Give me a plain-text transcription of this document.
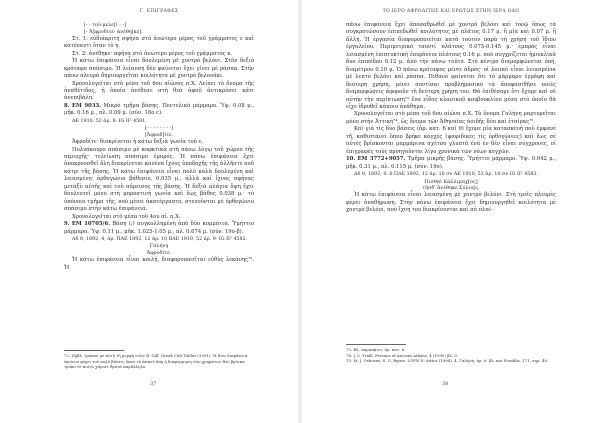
Γ. ΕΠΙΓΡΑΦΕΣ

[- - τοῦ·μελε[ῖ - -]

[- Ἀ]φροδίτε· ἀνέθη[κε].

Στ. 1: εὐδιάκριτη σφήνα στὸ ἀνώτερο μέρος τοῦ γράμματος ε καὶ κατέναντι ὅταν τὸ η.

Στ. 2: ἀνέθηκε· σφήνα στὸ ἀνώτερο μέρος τοῦ γράμματος κ.

Ἡ κάτω ἐπιφάνεια εἶναι δουλεμένη μὲ χοντρὸ βελόνι. Στὸν δεξιὸ κρόταφο σπάσιμο. Ἡ λείανση δὲν φαίνεται ἔχει γίνει μὲ ράσπα. Στὴν πάνω πλευρὰ δημιουργεῖται κοιλότητα μὲ χοντρὸ βελονάκι.

Χρονολογεῖται στὸ μέσο τοῦ 6ου αἰώνος π.Χ. Λείπει τὸ ὄνομα τῆς ἀναθέτιδος, ἡ ὁποία ἀνέθεσε στὴ θεὰ ἀφοῦ ἀντικρύσει κάτι ἀνεπιβάλη.

8. ΕΜ 9033. Μικρὸ τμῆμα βάσης. Πεντελικὸ μάρμαρο. Ὑψ. 0.08 μ., μῆκ. 0.16 μ., πλ. 0.09 μ. (σύν. 18ο c).

ΑΕ 1910, 52 ἀρ. 8· IG II² 4581.

[- - - - - - - -]

[Ἀφροδ]ῖτε.

Ἀφροδίτε· διακρίνεται ἡ κάτω δεξιὰ γωνία τοῦ ε.

Πολυάκουρο σπάσιμο μὲ κοφκτικὰ στὴ πάνω λόγῳ τοῦ χώρου τῆς περιοχῆς· τελείωση σπάσιμο ἐμπρός. Ἡ πάνω ἐπιφάνεια ἔχει ἀποκρουσθεῖ ὅλη διακρίνεται κανένα ἴχνος ὑποδοχῆς τῆς ἀλλῆστε ποῦ κάτρι τῆς βάσης. Ἡ κάτω ἐπιφάνεια εἶναι πολὺ καλὰ δουλεμένη καὶ λειασμένη· ὀρθογώνιο βάθεσιο, 0.035 μ., ἀλλὰ καὶ ἴχνος σφήνας μεταξὺ αὐτῆς καὶ τοῦ πάρεισος τῆς βάσης. Ἡ δεξιὰ πλάγια ὄψη ἔχει δουλευτεῖ μόνο στὴ μπροστινὴ γωνία καὶ ἔως βάθος 0.038 μ.· τὸ ὑπόνοιο τμῆμα τῆς, ποὺ μένει ἀκατέργαστο, στενοῦνται μὲ ὀρθογώνιο σπάσιμο στὴν κάτω ἐπιφάνεια.

Χρονολογεῖται στὸ μέσο τοῦ 4ου αἰ. π.Χ.

9. ΕΜ 10705/6. Βάση (;) συγκολλημένη ἀπὸ δύο κομμάτια. Ὑμήττιο μάρμαρο. Ὑψ. 0.11 μ., μῆκ. 1.025-1.05 μ., πλ. 0.674 μ. (σύν. 19ο-β).

Αδ 8, 1892, 4, ἀρ. ΠΑΕ 1892, 12 ἀρ. 10 ΒΑΕ 1910, 52 ἀρ. 9· IG II² 4582.

Γαλήνη

Ἀφροδίτε.

Ἡ κάτω ἐπιφάνεια εἶναι κοιλή, διαφοροποιεῖται εὐθὺς λεκάνης⁷². Ἡ

72. Πρβλ. τρόπου μὲ αὐτὴ τὴ μορφὴ στὸν R. Gill, Greek Cult Tables (1991). Ἡ ἄνω ἐπιφάνεια ἐκείνου φέρει τοῦ πολὺ βάσεις ὅπου τὸ ἀσκοῦ ὅπῃ ἡ διαφόρμηση τῶν χρημάτων δεν βρίσκω τρόπο τὸ πιστὸ χάρισε θρατὰ παράλληλο.

37
ΤΟ ΙΕΡΟ ΑΦΡΟΔΙΤΗΣ ΚΑΙ ΕΡΩΤΟΣ ΣΤΗΝ ΙΕΡΑ ΟΔΟ

πάνω ἐπιφάνεια ἔχει ἀποσαθρωθεῖ μὲ χοντρὸ βελόνι καὶ τονῷ ὅπως τὰ συγκροτώσουν ἐπιπεδωθεῖ κοιλότητες μὲ πλάτος 0.17 μ. ἢ μία καὶ 0.07 μ. ἢ ἄλλη. Ἡ ἐργασία διαφοροποιεῖται κατὰ τούτον παρὰ τὴ χρήση τοῦ ἴδιου ἐργαλείου. Περιμετρικὸ τσοντί πλάτους 0.075-0.145 μ.· ἐμπρὸς εἶναι λειασμένη ἐπιπτυκτικὴ ἐπιφάνεια πλάτους 0.16 μ. ποὺ συγχρίζεται ἠμιεκλικὰ δυο ἐπιπέδου 0.12 μ. ἀπὸ τὴν πάνω τοῦτο. Στὸ κέντρο διαμορφώνεται ὀπή, διαμέτρου 0.10 μ. Ὁ πάνω κρόταφος μένει ἀδρὸς· οἱ λοιποὶ εἶναι λειασμένοι μὲ λεπτὸ βελόνι καὶ ράσπα. Πιθανὸ φαίνεται ὅτι τὸ μάρμαρο ἐγράφη καὶ δεύτερη χρήση, μένει σοντίσαι προβλημασικὸ τὰ ἀποφασιθῇσε ποιὲς διαμορφώσεις ἀφοροῦν τὴ δεύτερη χρήση του. Θὰ ἐπιθέσομε ὅτι ἔχομε καὶ σὲ αὐτὴν τὴν περίπτωση⁷³ ἕνα εἶδος κλασικοῦ κουβουκλίου μέσα στὸ ὁποῖο θὰ εἶχε ἱδρυθεῖ κάποιο ἀνάθημα.

Χρονολογεῖται στὸ μέσο τοῦ 6ου αἰώνα π.Χ. Τὸ ὄνομα Γαλήνη μαρτυρεῖται μόνο στὴν Ἀττική⁷⁴, ὡς ὄνομα τῶν Ἀθηναίας ἀοιδῆς δύο καὶ ἑταίρας⁷⁵.

Καὶ γιὰ τὶς δύο βάσεις (ἀρ. κατ. 6 καὶ 9) ἔχομε μία κατασκευὴ ποὺ ἐμφανὲ τῆ, καθιστάνει ὅπου βρήκε κόγχες (ψαφιδικὲς τὶς ὀρθογώνιες) καὶ ἕως σὲ αὐτὲς βρίσκονται μαρμάρινα σχέτσο γλυπτὰ ἐνὰ ἐν δὲν εἶναι σύγχρονες, οἱ ἐπιγραφὲς τοὺς προηγοῦνται λίγο χρονικὰ τῶν νέων κογχῶν.

10. ΕΜ 3772+9057. Τμῆμα μικρῆς βάσης. Ὑμήττιο μάρμαρο. Ὑψ. 0.042 μ., μῆκ. 0.31 μ., πλ. 0.115 μ. (σύν. 19ο).

Αδ 8, 1892, 4. 6 ΠΑΕ 1892, 12 ἀρ. 10 σν ΑΕ 1910, 52 ἀρ. 10 σν IG II² 4583.

Πισθαὶ Καλλιμαχ[ος]

τῇσδ' ἀνέθηκε Σόλιο[ς.

Ἡ κάτω ἐπιφάνεια εἶναι λειασμένη μὲ χοντρὸ βελόνι. Στὴ τρεῖς πλευρὲς φέρει ἀναθήρωση. Στὴν πάνω ἐπιφάνεια ἔχει δημιουργηθεῖ κοιλότητα μὲ χοντρὸ βελόνι, ποὺ ἴχνη του διακρίνονται καὶ σὸ πλαί-

73. Βλ. παραπάνω, ἀρ. κατ. 6.

74. J. S. Traill, Persons of Ancient Athens, 4 (1995) βλ. 3.

75. M. J. Osborne, S. G. Byrne, LGPN II: Attica (1994), 4. Γαλήνη, ἀρ. 6· βλ. καὶ Foraklis, 171, σημ. 40.

38
